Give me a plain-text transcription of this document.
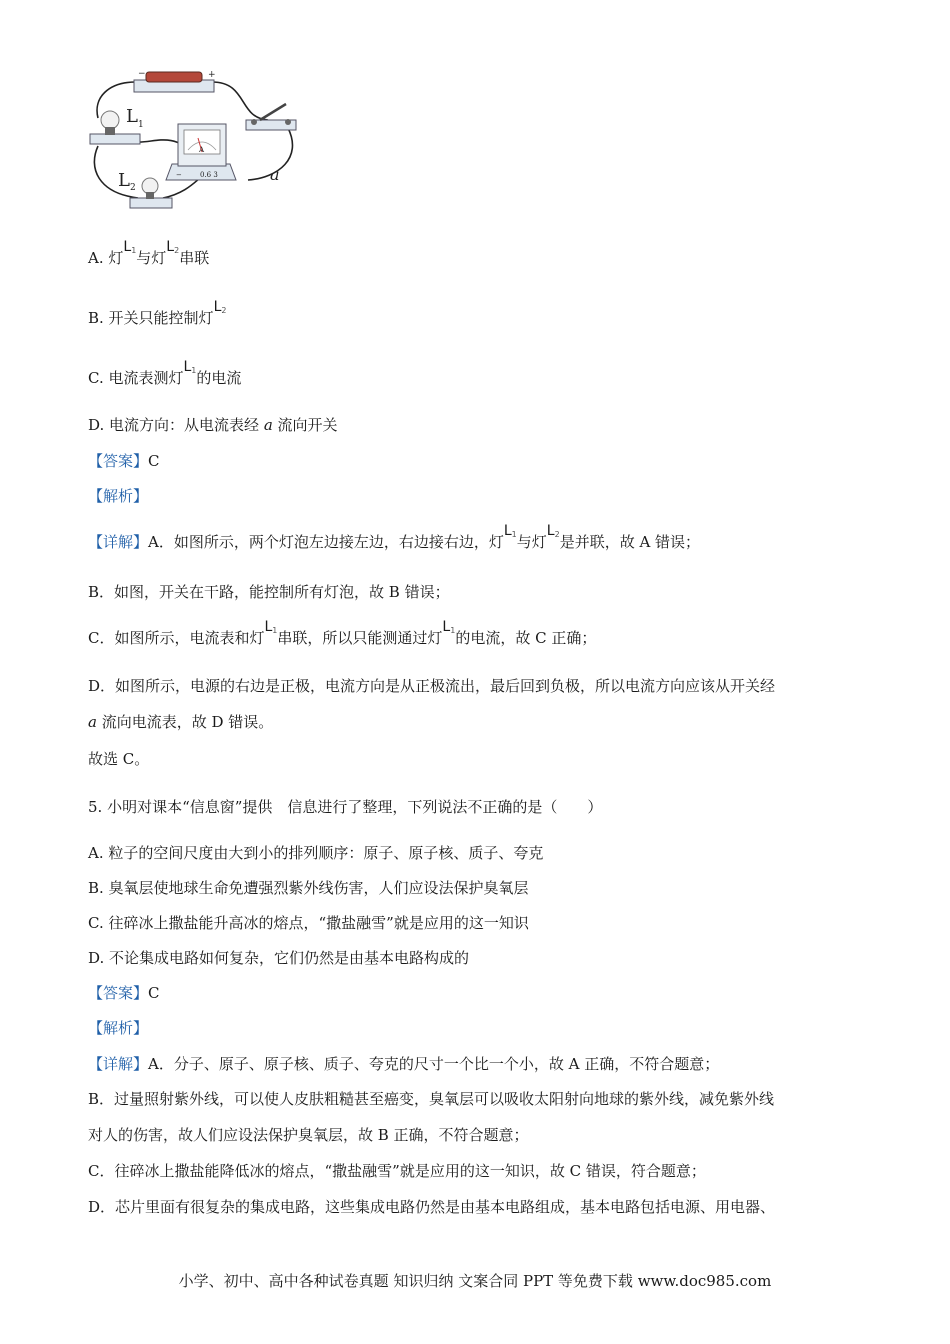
−	+
L 1
L 2
A
−	0.6 3	a
A. 灯L1与灯L2串联
B. 开关只能控制灯L2
C. 电流表测灯L1的电流
D. 电流方向：从电流表经 a 流向开关
【答案】C
【解析】
【详解】A．如图所示，两个灯泡左边接左边，右边接右边，灯L1与灯L2是并联，故 A 错误；
B．如图，开关在干路，能控制所有灯泡，故 B 错误；
C．如图所示，电流表和灯L1串联，所以只能测通过灯L1的电流，故 C 正确；
D．如图所示，电源的右边是正极，电流方向是从正极流出，最后回到负极，所以电流方向应该从开关经
a 流向电流表，故 D 错误。
故选 C。
5. 小明对课本“信息窗”提供　信息进行了整理，下列说法不正确的是（　　）
A. 粒子的空间尺度由大到小的排列顺序：原子、原子核、质子、夸克
B. 臭氧层使地球生命免遭强烈紫外线伤害，人们应设法保护臭氧层
C. 往碎冰上撒盐能升高冰的熔点，“撒盐融雪”就是应用的这一知识
D. 不论集成电路如何复杂，它们仍然是由基本电路构成的
【答案】C
【解析】
【详解】A．分子、原子、原子核、质子、夸克的尺寸一个比一个小，故 A 正确，不符合题意；
B．过量照射紫外线，可以使人皮肤粗糙甚至癌变，臭氧层可以吸收太阳射向地球的紫外线，减免紫外线
对人的伤害，故人们应设法保护臭氧层，故 B 正确，不符合题意；
C．往碎冰上撒盐能降低冰的熔点，“撒盐融雪”就是应用的这一知识，故 C 错误，符合题意；
D．芯片里面有很复杂的集成电路，这些集成电路仍然是由基本电路组成，基本电路包括电源、用电器、
小学、初中、高中各种试卷真题 知识归纳 文案合同 PPT 等免费下载 www.doc985.com
